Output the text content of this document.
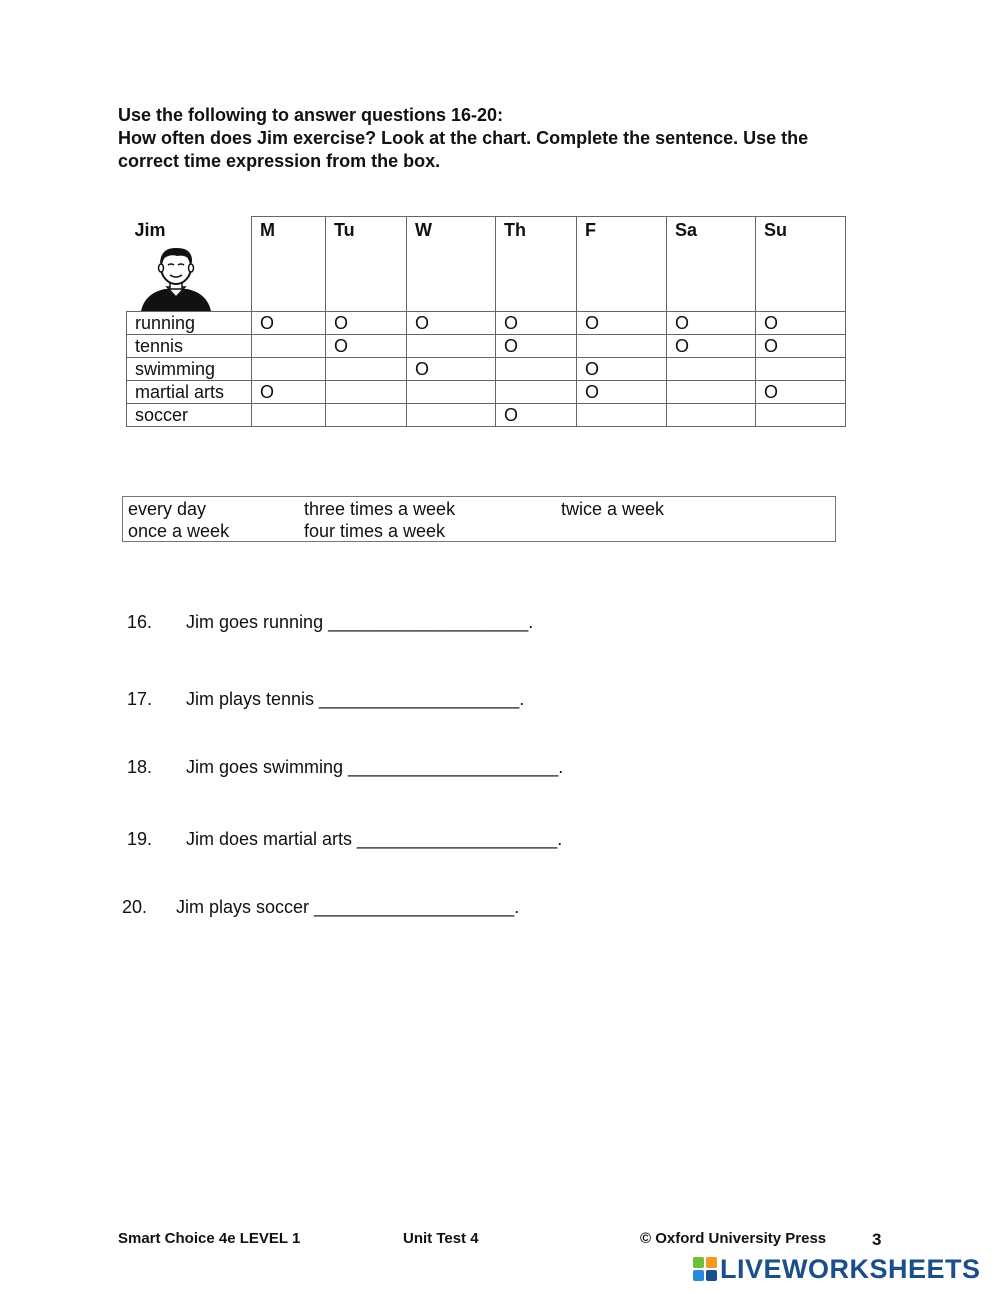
Use the following to answer questions 16-20:
How often does Jim exercise? Look at the chart. Complete the sentence. Use the
correct time expression from the box.
Jim	M	Tu	W	Th	F	Sa	Su
running	O	O	O	O	O	O	O
tennis		O		O		O	O
swimming			O		O		
martial arts	O				O		O
soccer				O			
every day	three times a week	twice a week
once a week	four times a week
16. Jim goes running ____________________.
17. Jim plays tennis ____________________.
18. Jim goes swimming _____________________.
19. Jim does martial arts ____________________.
20. Jim plays soccer ____________________.
Smart Choice 4e LEVEL 1	Unit Test 4	© Oxford University Press	3
LIVEWORKSHEETS
